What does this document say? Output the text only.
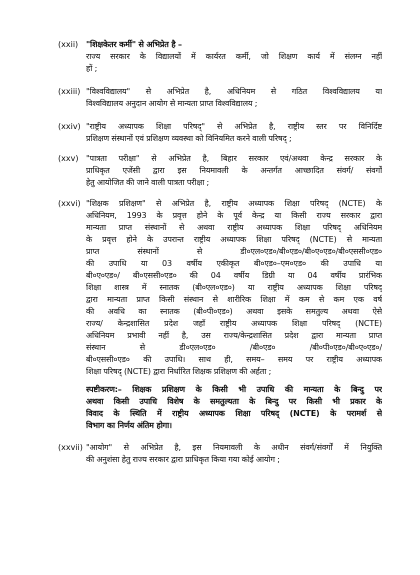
(xxii) "शिक्षकेतर कर्मी" से अभिप्रेत है –
राज्य सरकार के विद्यालयों में कार्यरत कर्मी, जो शिक्षण कार्य में संलग्न नहीं
हों ;
(xxiii) "विश्वविद्यालय" से अभिप्रेत है, अधिनियम से गठित विश्वविद्यालय या
विश्वविद्यालय अनुदान आयोग से मान्यता प्राप्त विश्वविद्यालय ;
(xxiv) "राष्ट्रीय अध्यापक शिक्षा परिषद्" से अभिप्रेत है, राष्ट्रीय स्तर पर विनिर्दिष्ट
प्रशिक्षण संस्थानों एवं प्रशिक्षण व्यवस्था को विनियमित करने वाली परिषद् ;
(xxv) "पात्रता परीक्षा" से अभिप्रेत है, बिहार सरकार एवं/अथवा केन्द्र सरकार के
प्राधिकृत एजेंसी द्वारा इस नियमावली के अन्तर्गत आच्छादित संवर्ग/ संवर्गों
हेतु आयोजित की जाने वाली पात्रता परीक्षा ;
(xxvi) "शिक्षक प्रशिक्षण" से अभिप्रेत है, राष्ट्रीय अध्यापक शिक्षा परिषद् (NCTE) के
अधिनियम, 1993 के प्रवृत्त होने के पूर्व केन्द्र या किसी राज्य सरकार द्वारा
मान्यता प्राप्त संस्थानों से अथवा राष्ट्रीय अध्यापक शिक्षा परिषद् अधिनियम
के प्रवृत्त होने के उपरान्त राष्ट्रीय अध्यापक शिक्षा परिषद् (NCTE) से मान्यता
प्राप्त संस्थानों से डी०एल०एड०/बी०एड०/बी०ए०एड०/बी०एससी०एड०
की उपाधि या 03 वर्षीय एकीकृत बी०एड०–एम०एड० की उपाधि या
बी०ए०एड०/ बी०एससी०एड० की 04 वर्षीय डिग्री या 04 वर्षीय प्रारंभिक
शिक्षा शास्त्र में स्नातक (बी०एल०एड०) या राष्ट्रीय अध्यापक शिक्षा परिषद्
द्वारा मान्यता प्राप्त किसी संस्थान से शारीरिक शिक्षा में कम से कम एक वर्ष
की अवधि का स्नातक (बी०पी०एड०) अथवा इसके समतुल्य अथवा ऐसे
राज्य/ केन्द्रशासित प्रदेश जहाँ राष्ट्रीय अध्यापक शिक्षा परिषद् (NCTE)
अधिनियम प्रभावी नहीं है, उस राज्य/केन्द्रशासित प्रदेश द्वारा मान्यता प्राप्त
संस्थान से डी०एल०एड० /बी०एड० /बी०पी०एड०/बी०ए०एड०/
बी०एससी०एड० की उपाधि। साथ ही, समय– समय पर राष्ट्रीय अध्यापक
शिक्षा परिषद् (NCTE) द्वारा निर्धारित शिक्षक प्रशिक्षण की अर्हता ;
स्पष्टीकरण:– शिक्षक प्रशिक्षण के किसी भी उपाधि की मान्यता के बिन्दु पर
अथवा किसी उपाधि विशेष के समतुल्यता के बिन्दु पर किसी भी प्रकार के
विवाद के स्थिति में राष्ट्रीय अध्यापक शिक्षा परिषद् (NCTE) के परामर्श से
विभाग का निर्णय अंतिम होगा।
(xxvii) "आयोग" से अभिप्रेत है, इस नियमावली के अधीन संवर्ग/संवर्गों में नियुक्ति
की अनुशंसा हेतु राज्य सरकार द्वारा प्राधिकृत किया गया कोई आयोग ;
